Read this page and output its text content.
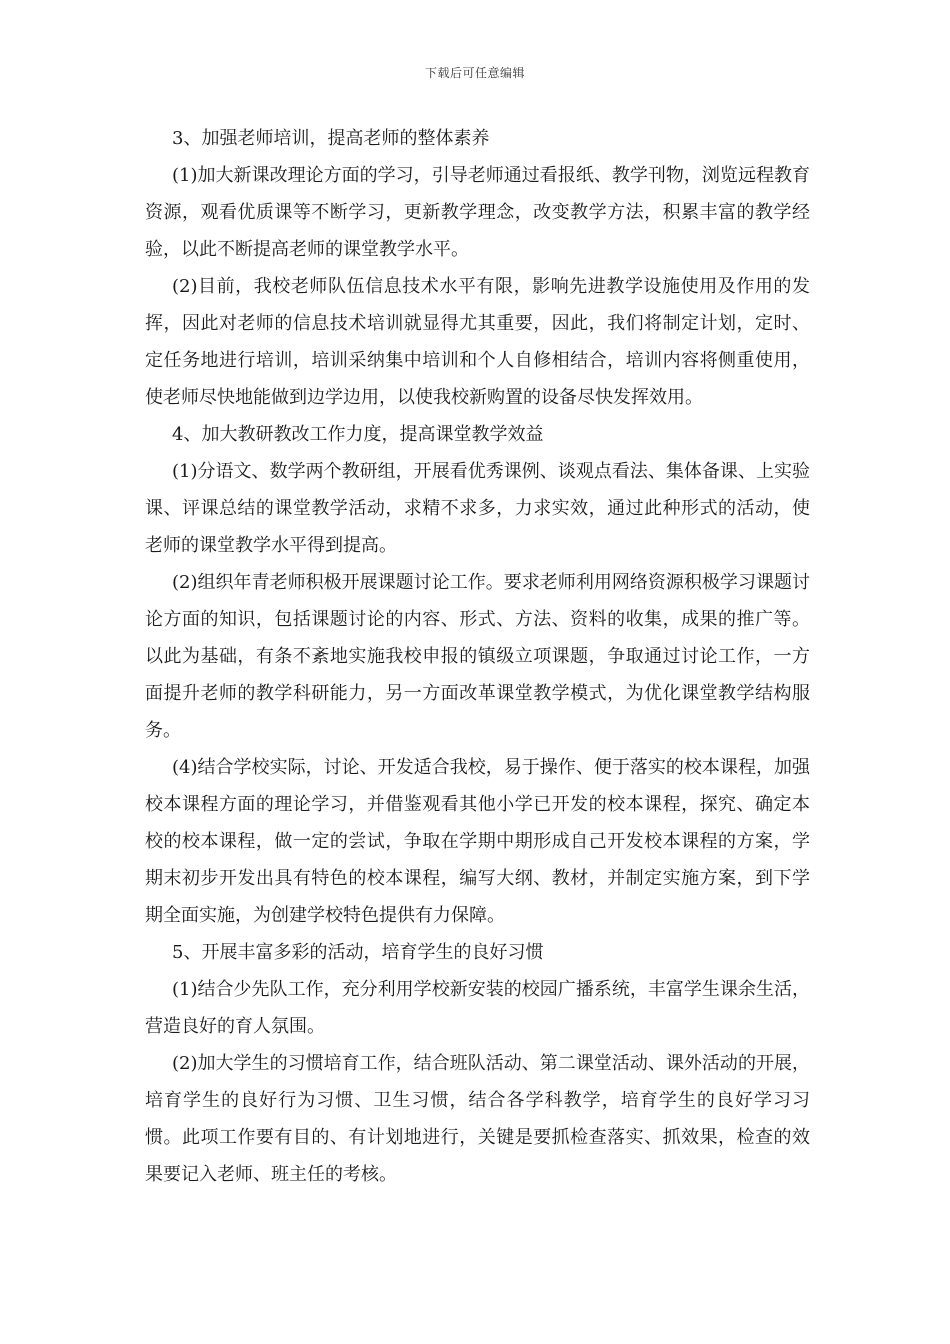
下载后可任意编辑

3、加强老师培训，提高老师的整体素养

(1)加大新课改理论方面的学习，引导老师通过看报纸、教学刊物，浏览远程教育资源，观看优质课等不断学习，更新教学理念，改变教学方法，积累丰富的教学经验，以此不断提高老师的课堂教学水平。

(2)目前，我校老师队伍信息技术水平有限，影响先进教学设施使用及作用的发挥，因此对老师的信息技术培训就显得尤其重要，因此，我们将制定计划，定时、定任务地进行培训，培训采纳集中培训和个人自修相结合，培训内容将侧重使用，使老师尽快地能做到边学边用，以使我校新购置的设备尽快发挥效用。

4、加大教研教改工作力度，提高课堂教学效益

(1)分语文、数学两个教研组，开展看优秀课例、谈观点看法、集体备课、上实验课、评课总结的课堂教学活动，求精不求多，力求实效，通过此种形式的活动，使老师的课堂教学水平得到提高。

(2)组织年青老师积极开展课题讨论工作。要求老师利用网络资源积极学习课题讨论方面的知识，包括课题讨论的内容、形式、方法、资料的收集，成果的推广等。以此为基础，有条不紊地实施我校申报的镇级立项课题，争取通过讨论工作，一方面提升老师的教学科研能力，另一方面改革课堂教学模式，为优化课堂教学结构服务。

(4)结合学校实际，讨论、开发适合我校，易于操作、便于落实的校本课程，加强校本课程方面的理论学习，并借鉴观看其他小学已开发的校本课程，探究、确定本校的校本课程，做一定的尝试，争取在学期中期形成自己开发校本课程的方案，学期末初步开发出具有特色的校本课程，编写大纲、教材，并制定实施方案，到下学期全面实施，为创建学校特色提供有力保障。

5、开展丰富多彩的活动，培育学生的良好习惯

(1)结合少先队工作，充分利用学校新安装的校园广播系统，丰富学生课余生活，营造良好的育人氛围。

(2)加大学生的习惯培育工作，结合班队活动、第二课堂活动、课外活动的开展，培育学生的良好行为习惯、卫生习惯，结合各学科教学，培育学生的良好学习习惯。此项工作要有目的、有计划地进行，关键是要抓检查落实、抓效果，检查的效果要记入老师、班主任的考核。
